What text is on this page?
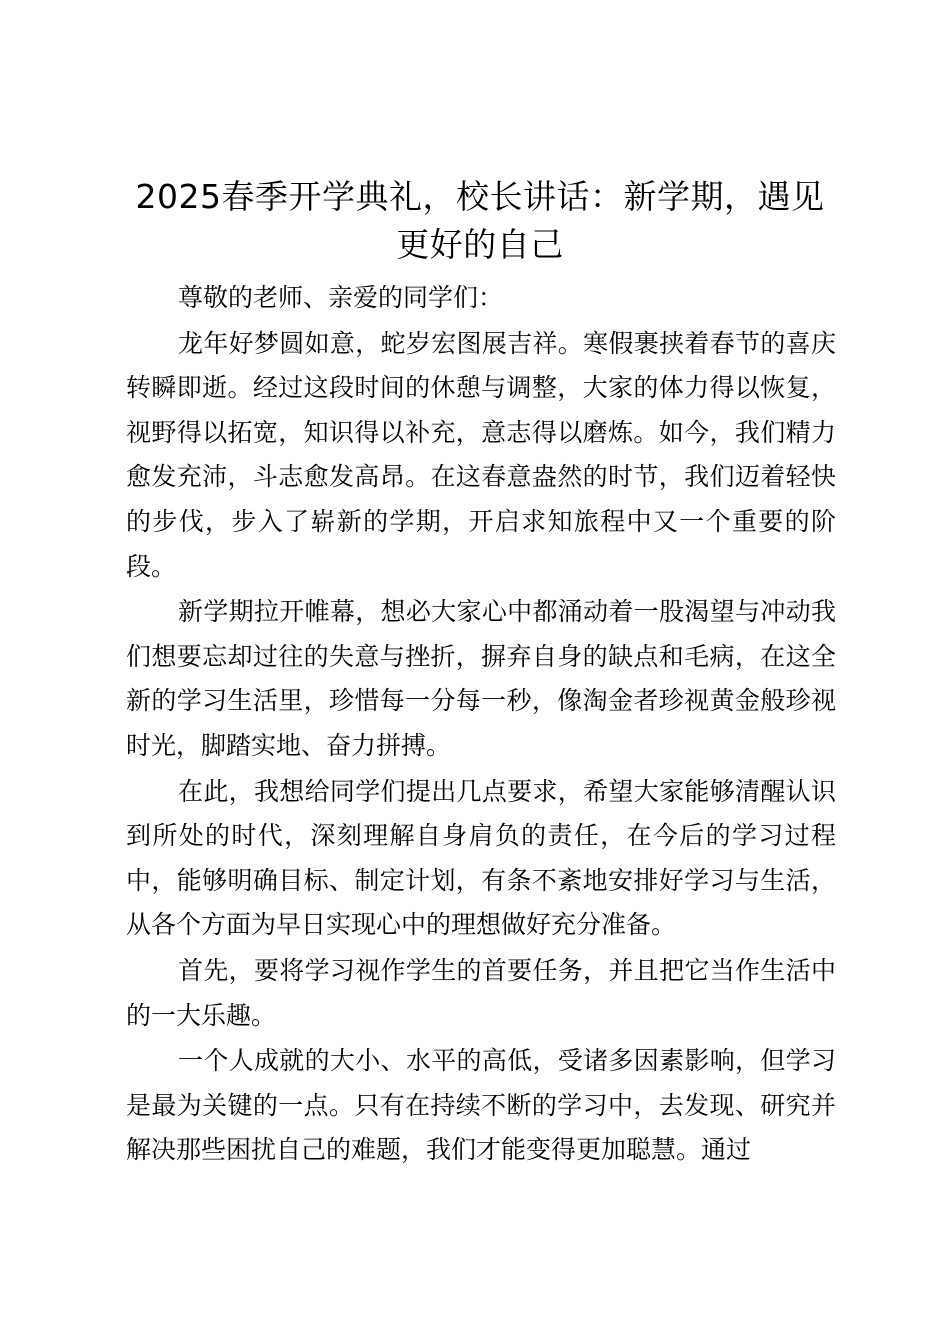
2025春季开学典礼，校长讲话：新学期，遇见更好的自己

尊敬的老师、亲爱的同学们：

龙年好梦圆如意，蛇岁宏图展吉祥。寒假裹挟着春节的喜庆转瞬即逝。经过这段时间的休憩与调整，大家的体力得以恢复，视野得以拓宽，知识得以补充，意志得以磨炼。如今，我们精力愈发充沛，斗志愈发高昂。在这春意盎然的时节，我们迈着轻快的步伐，步入了崭新的学期，开启求知旅程中又一个重要的阶段。

新学期拉开帷幕，想必大家心中都涌动着一股渴望与冲动我们想要忘却过往的失意与挫折，摒弃自身的缺点和毛病，在这全新的学习生活里，珍惜每一分每一秒，像淘金者珍视黄金般珍视时光，脚踏实地、奋力拼搏。

在此，我想给同学们提出几点要求，希望大家能够清醒认识到所处的时代，深刻理解自身肩负的责任，在今后的学习过程中，能够明确目标、制定计划，有条不紊地安排好学习与生活，从各个方面为早日实现心中的理想做好充分准备。

首先，要将学习视作学生的首要任务，并且把它当作生活中的一大乐趣。

一个人成就的大小、水平的高低，受诸多因素影响，但学习是最为关键的一点。只有在持续不断的学习中，去发现、研究并解决那些困扰自己的难题，我们才能变得更加聪慧。通过
